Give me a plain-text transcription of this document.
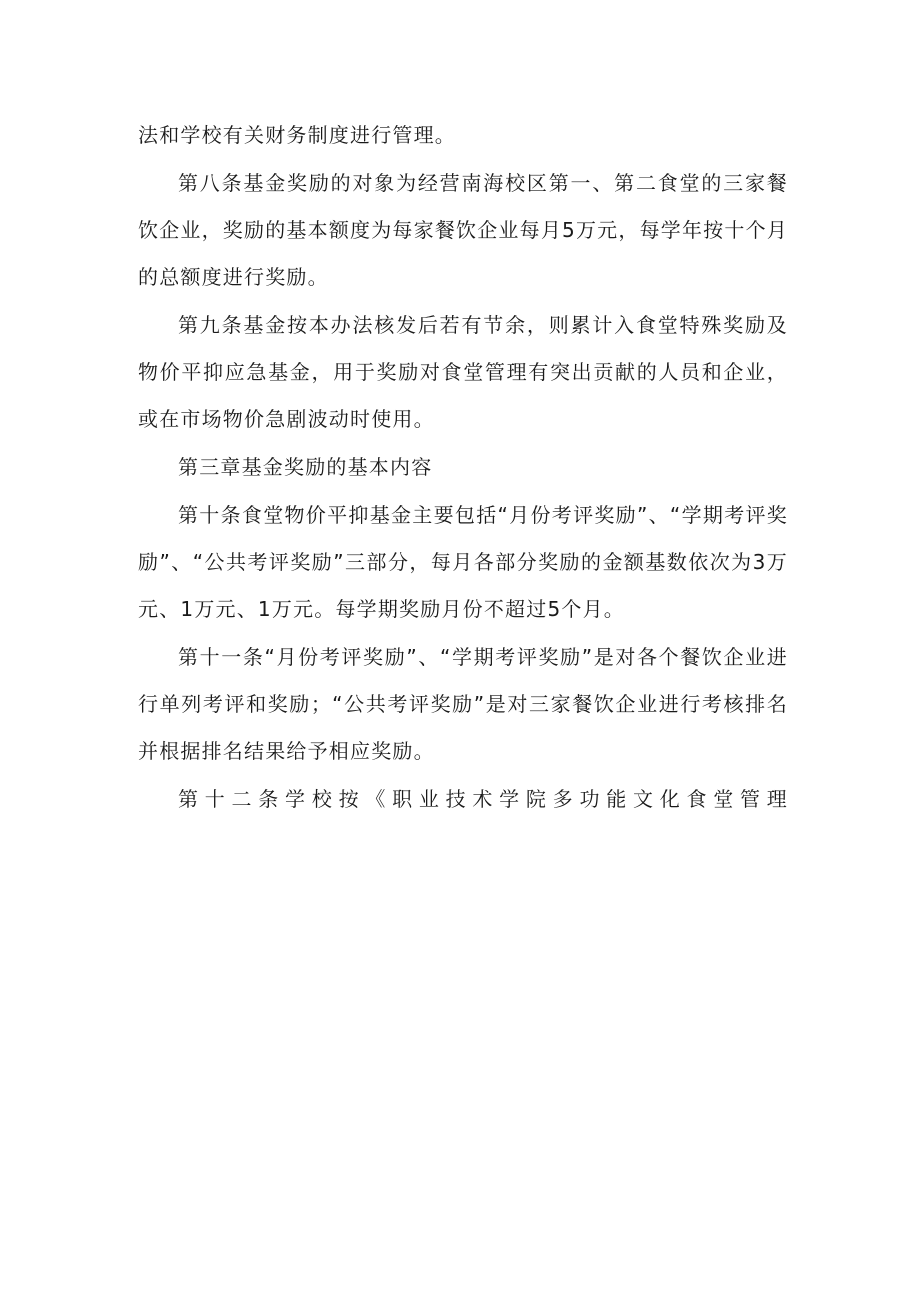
法和学校有关财务制度进行管理。

第八条基金奖励的对象为经营南海校区第一、第二食堂的三家餐饮企业，奖励的基本额度为每家餐饮企业每月5万元，每学年按十个月的总额度进行奖励。

第九条基金按本办法核发后若有节余，则累计入食堂特殊奖励及物价平抑应急基金，用于奖励对食堂管理有突出贡献的人员和企业，或在市场物价急剧波动时使用。

第三章基金奖励的基本内容

第十条食堂物价平抑基金主要包括“月份考评奖励”、“学期考评奖励”、“公共考评奖励”三部分，每月各部分奖励的金额基数依次为3万元、1万元、1万元。每学期奖励月份不超过5个月。

第十一条“月份考评奖励”、“学期考评奖励”是对各个餐饮企业进行单列考评和奖励；“公共考评奖励”是对三家餐饮企业进行考核排名并根据排名结果给予相应奖励。

第十二条学校按《职业技术学院多功能文化食堂管理
